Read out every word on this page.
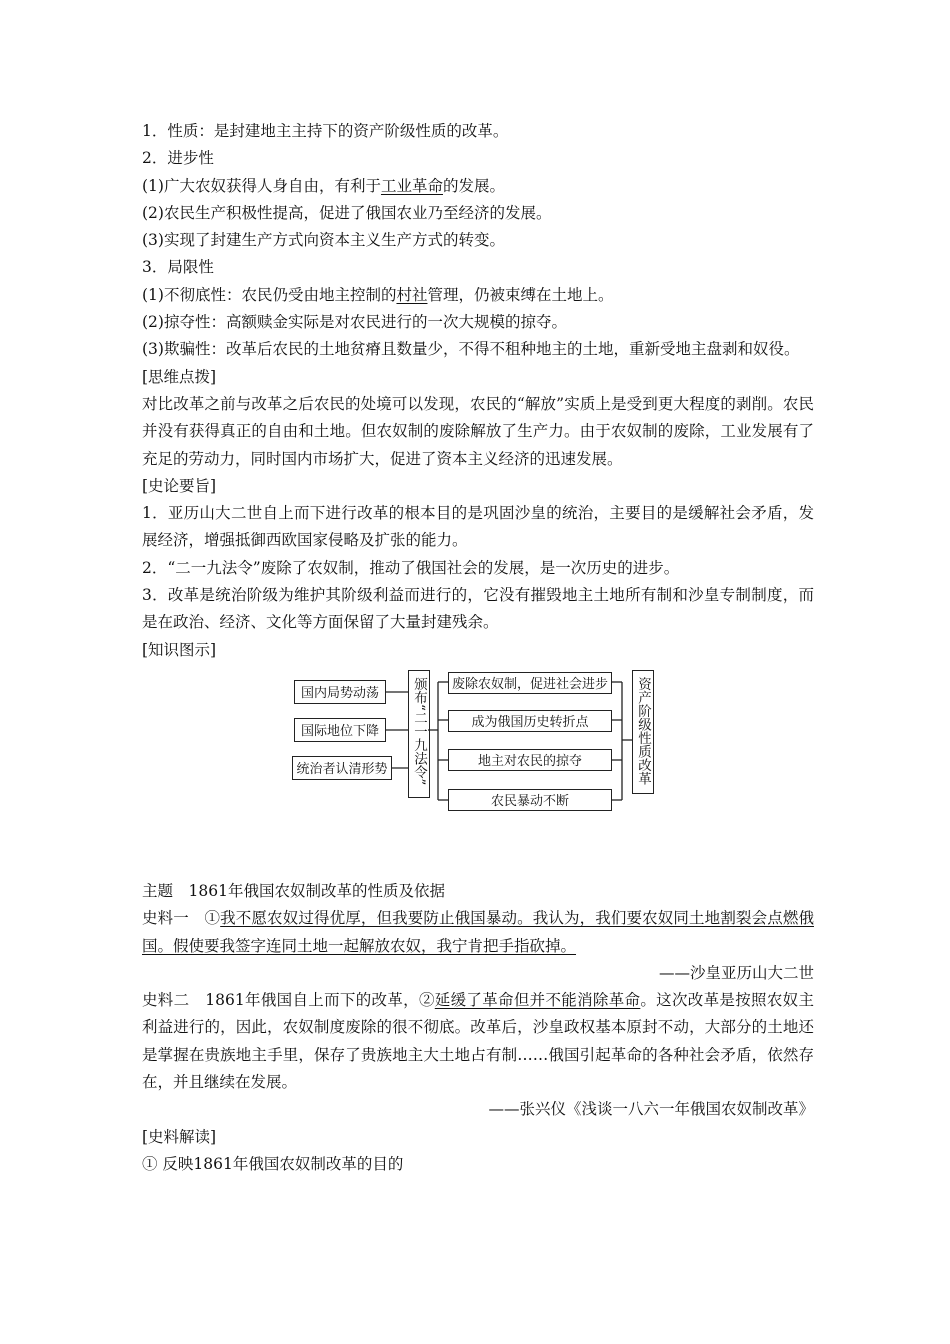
1．性质：是封建地主主持下的资产阶级性质的改革。
2．进步性
(1)广大农奴获得人身自由，有利于工业革命的发展。
(2)农民生产积极性提高，促进了俄国农业乃至经济的发展。
(3)实现了封建生产方式向资本主义生产方式的转变。
3．局限性
(1)不彻底性：农民仍受由地主控制的村社管理，仍被束缚在土地上。
(2)掠夺性：高额赎金实际是对农民进行的一次大规模的掠夺。
(3)欺骗性：改革后农民的土地贫瘠且数量少，不得不租种地主的土地，重新受地主盘剥和奴役。
[思维点拨]
对比改革之前与改革之后农民的处境可以发现，农民的“解放”实质上是受到更大程度的剥削。农民并没有获得真正的自由和土地。但农奴制的废除解放了生产力。由于农奴制的废除，工业发展有了充足的劳动力，同时国内市场扩大，促进了资本主义经济的迅速发展。
[史论要旨]
1．亚历山大二世自上而下进行改革的根本目的是巩固沙皇的统治，主要目的是缓解社会矛盾，发展经济，增强抵御西欧国家侵略及扩张的能力。
2．“二一九法令”废除了农奴制，推动了俄国社会的发展，是一次历史的进步。
3．改革是统治阶级为维护其阶级利益而进行的，它没有摧毁地主土地所有制和沙皇专制制度，而是在政治、经济、文化等方面保留了大量封建残余。
[知识图示]
国内局势动荡
国际地位下降
统治者认清形势	颁布“二一九法令”	废除农奴制，促进社会进步
成为俄国历史转折点
地主对农民的掠夺
农民暴动不断
资产阶级性质改革
主题　1861年俄国农奴制改革的性质及依据
史料一　 ①我不愿农奴过得优厚，但我要防止俄国暴动。我认为，我们要农奴同土地割裂会点燃俄国。假使要我签字连同土地一起解放农奴，我宁肯把手指砍掉。
——沙皇亚历山大二世
史料二　 1861年俄国自上而下的改革，②延缓了革命但并不能消除革命。这次改革是按照农奴主利益进行的，因此，农奴制度废除的很不彻底。改革后，沙皇政权基本原封不动，大部分的土地还是掌握在贵族地主手里，保存了贵族地主大土地占有制……俄国引起革命的各种社会矛盾，依然存在，并且继续在发展。
——张兴仪《浅谈一八六一年俄国农奴制改革》
[史料解读]
① 反映1861年俄国农奴制改革的目的
